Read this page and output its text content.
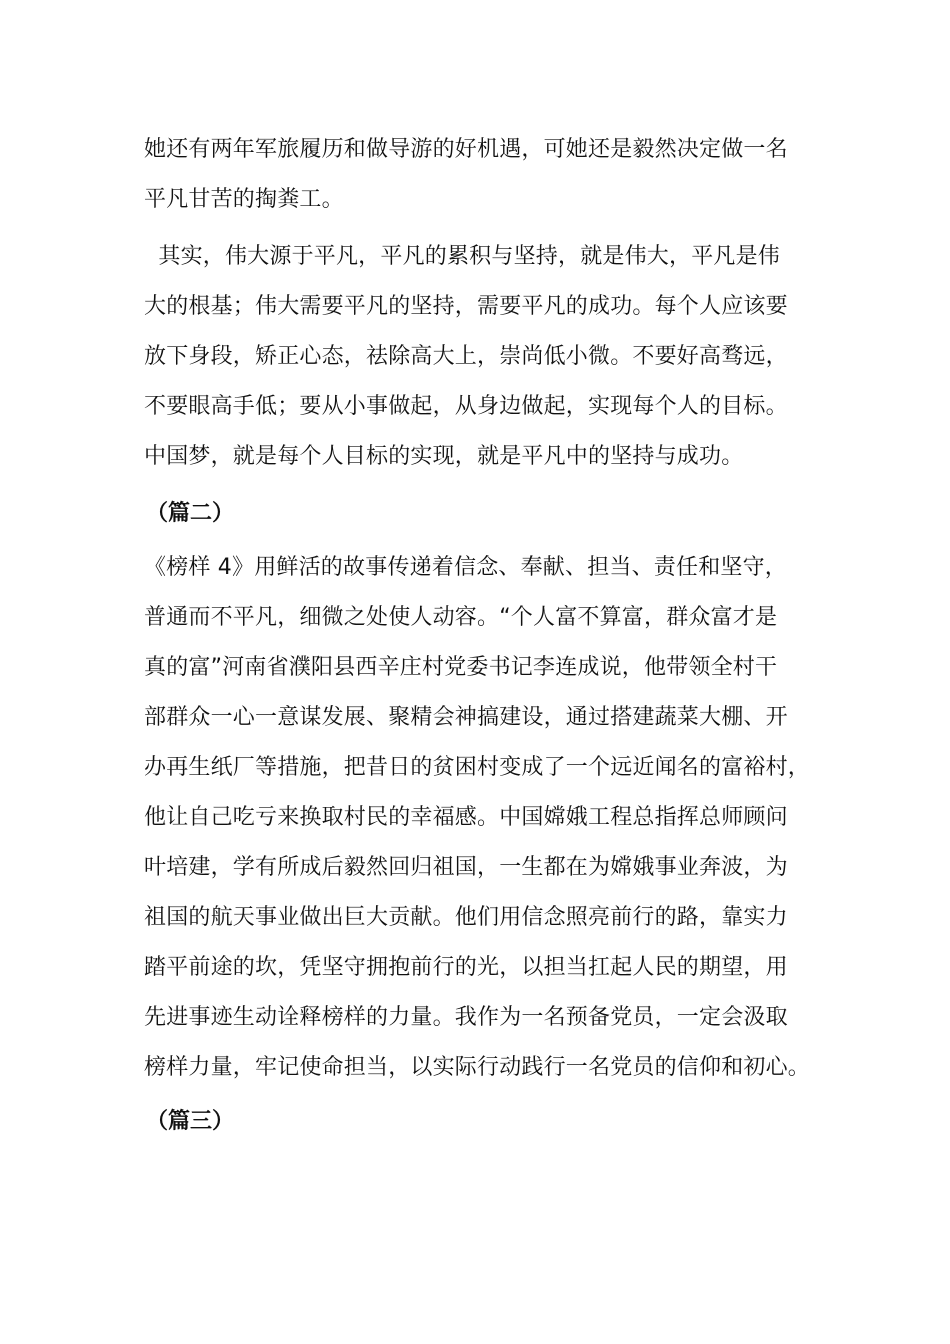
她还有两年军旅履历和做导游的好机遇，可她还是毅然决定做一名
平凡甘苦的掏粪工。
其实，伟大源于平凡，平凡的累积与坚持，就是伟大，平凡是伟
大的根基；伟大需要平凡的坚持，需要平凡的成功。每个人应该要
放下身段，矫正心态，祛除高大上，崇尚低小微。不要好高骛远，
不要眼高手低；要从小事做起，从身边做起，实现每个人的目标。
中国梦，就是每个人目标的实现，就是平凡中的坚持与成功。
（篇二）
《榜样 4》用鲜活的故事传递着信念、奉献、担当、责任和坚守，
普通而不平凡，细微之处使人动容。“个人富不算富，群众富才是
真的富”河南省濮阳县西辛庄村党委书记李连成说，他带领全村干
部群众一心一意谋发展、聚精会神搞建设，通过搭建蔬菜大棚、开
办再生纸厂等措施，把昔日的贫困村变成了一个远近闻名的富裕村，
他让自己吃亏来换取村民的幸福感。中国嫦娥工程总指挥总师顾问
叶培建，学有所成后毅然回归祖国，一生都在为嫦娥事业奔波，为
祖国的航天事业做出巨大贡献。他们用信念照亮前行的路，靠实力
踏平前途的坎，凭坚守拥抱前行的光，以担当扛起人民的期望，用
先进事迹生动诠释榜样的力量。我作为一名预备党员，一定会汲取
榜样力量，牢记使命担当，以实际行动践行一名党员的信仰和初心。
（篇三）
